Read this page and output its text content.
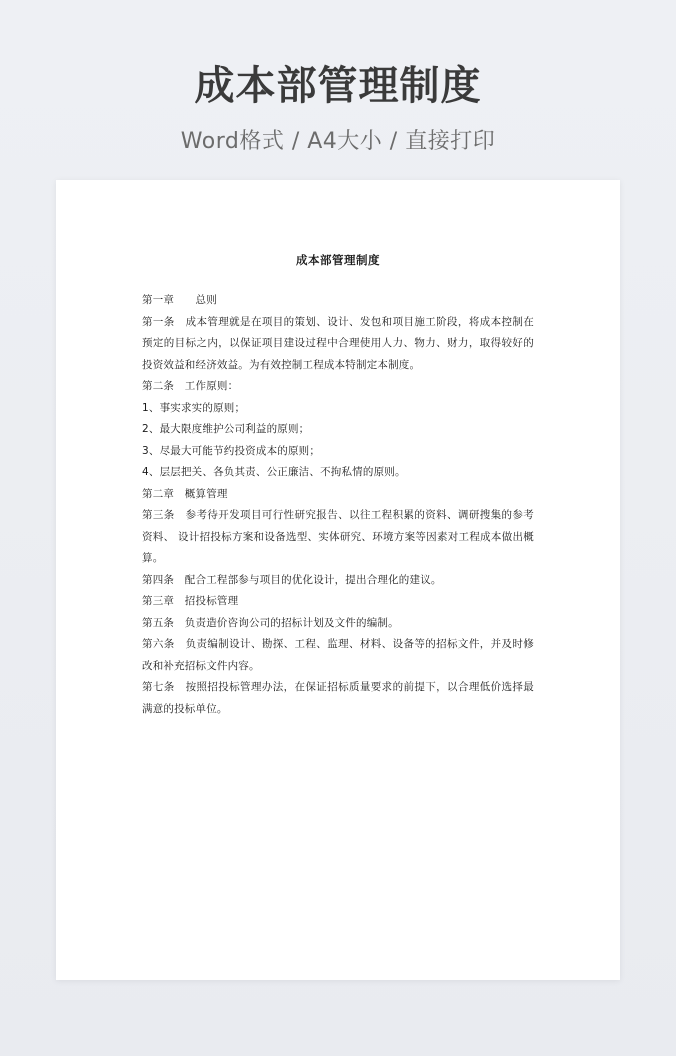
成本部管理制度
Word格式 / A4大小 / 直接打印
成本部管理制度

第一章　　总则

第一条　成本管理就是在项目的策划、设计、发包和项目施工阶段，将成本控制在预定的目标之内，以保证项目建设过程中合理使用人力、物力、财力，取得较好的投资效益和经济效益。为有效控制工程成本特制定本制度。

第二条　工作原则：

1、事实求实的原则；

2、最大限度维护公司利益的原则；

3、尽最大可能节约投资成本的原则；

4、层层把关、各负其责、公正廉洁、不拘私情的原则。

第二章　概算管理

第三条　参考待开发项目可行性研究报告、以往工程积累的资料、调研搜集的参考资料、 设计招投标方案和设备选型、实体研究、环境方案等因素对工程成本做出概算。

第四条　配合工程部参与项目的优化设计，提出合理化的建议。

第三章　招投标管理

第五条　负责造价咨询公司的招标计划及文件的编制。

第六条　负责编制设计、勘探、工程、监理、材料、设备等的招标文件，并及时修改和补充招标文件内容。

第七条　按照招投标管理办法，在保证招标质量要求的前提下，以合理低价选择最满意的投标单位。
